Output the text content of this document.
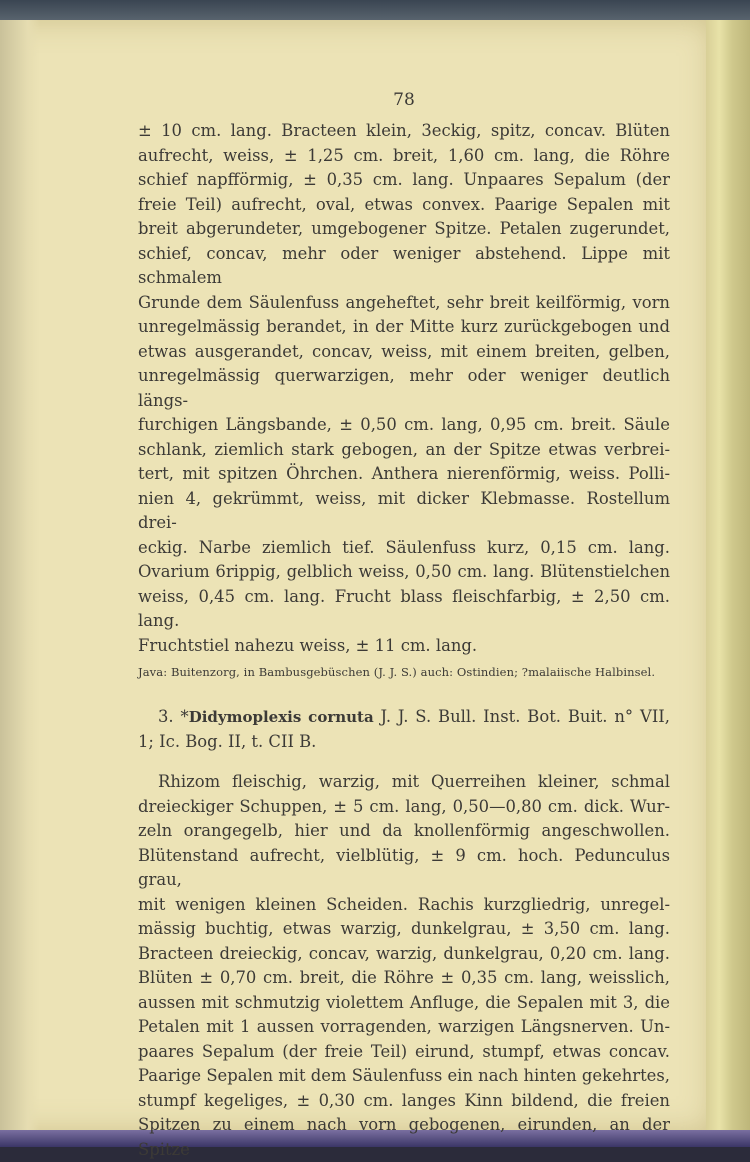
78

± 10 cm. lang. Bracteen klein, 3eckig, spitz, concav. Blüten
aufrecht, weiss, ± 1,25 cm. breit, 1,60 cm. lang, die Röhre
schief napfförmig, ± 0,35 cm. lang. Unpaares Sepalum (der
freie Teil) aufrecht, oval, etwas convex. Paarige Sepalen mit
breit abgerundeter, umgebogener Spitze. Petalen zugerundet,
schief, concav, mehr oder weniger abstehend. Lippe mit schmalem
Grunde dem Säulenfuss angeheftet, sehr breit keilförmig, vorn
unregelmässig berandet, in der Mitte kurz zurückgebogen und
etwas ausgerandet, concav, weiss, mit einem breiten, gelben,
unregelmässig querwarzigen, mehr oder weniger deutlich längs-
furchigen Längsbande, ± 0,50 cm. lang, 0,95 cm. breit. Säule
schlank, ziemlich stark gebogen, an der Spitze etwas verbrei-
tert, mit spitzen Öhrchen. Anthera nierenförmig, weiss. Polli-
nien 4, gekrümmt, weiss, mit dicker Klebmasse. Rostellum drei-
eckig. Narbe ziemlich tief. Säulenfuss kurz, 0,15 cm. lang.
Ovarium 6rippig, gelblich weiss, 0,50 cm. lang. Blütenstielchen
weiss, 0,45 cm. lang. Frucht blass fleischfarbig, ± 2,50 cm. lang.
Fruchtstiel nahezu weiss, ± 11 cm. lang.

Java: Buitenzorg, in Bambusgebüschen (J. J. S.) auch: Ostindien; ?malaiische Halbinsel.

3. *Didymoplexis cornuta J. J. S. Bull. Inst. Bot. Buit. n° VII,
1; Ic. Bog. II, t. CII B.

Rhizom fleischig, warzig, mit Querreihen kleiner, schmal
dreieckiger Schuppen, ± 5 cm. lang, 0,50—0,80 cm. dick. Wur-
zeln orangegelb, hier und da knollenförmig angeschwollen.
Blütenstand aufrecht, vielblütig, ± 9 cm. hoch. Pedunculus grau,
mit wenigen kleinen Scheiden. Rachis kurzgliedrig, unregel-
mässig buchtig, etwas warzig, dunkelgrau, ± 3,50 cm. lang.
Bracteen dreieckig, concav, warzig, dunkelgrau, 0,20 cm. lang.
Blüten ± 0,70 cm. breit, die Röhre ± 0,35 cm. lang, weisslich,
aussen mit schmutzig violettem Anfluge, die Sepalen mit 3, die
Petalen mit 1 aussen vorragenden, warzigen Längsnerven. Un-
paares Sepalum (der freie Teil) eirund, stumpf, etwas concav.
Paarige Sepalen mit dem Säulenfuss ein nach hinten gekehrtes,
stumpf kegeliges, ± 0,30 cm. langes Kinn bildend, die freien
Spitzen zu einem nach vorn gebogenen, eirunden, an der Spitze
